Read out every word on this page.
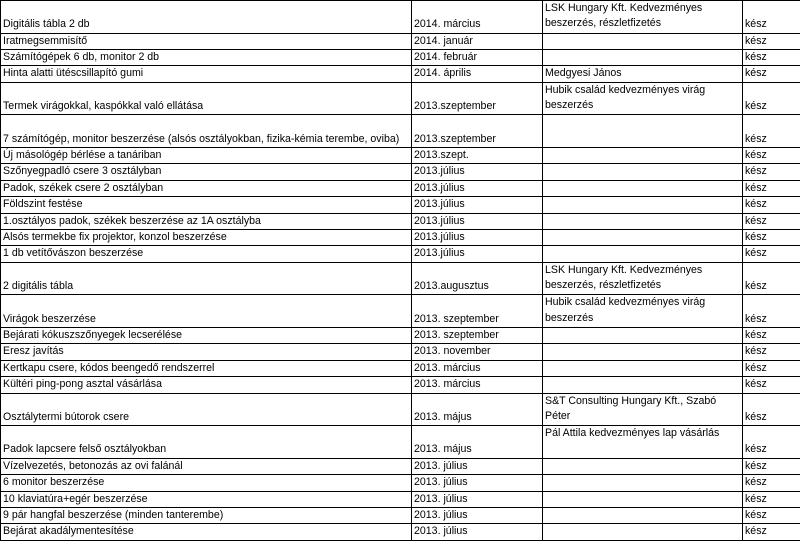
Digitális tábla 2 db	2014. március	LSK Hungary Kft. Kedvezményes beszerzés, részletfizetés	kész
Iratmegsemmisítő	2014. január		kész
Számítógépek 6 db, monitor 2 db	2014. február		kész
Hinta alatti ütéscsillapító gumi	2014. április	Medgyesi János	kész
Termek virágokkal, kaspókkal való ellátása	2013.szeptember	Hubik család kedvezményes virág beszerzés	kész
7 számítógép, monitor beszerzése (alsós osztályokban, fizika-kémia terembe, oviba)	2013.szeptember		kész
Új másológép bérlése a tanáriban	2013.szept.		kész
Szőnyegpadló csere 3 osztályban	2013.július		kész
Padok, székek csere 2 osztályban	2013.július		kész
Földszint festése	2013.július		kész
1.osztályos padok, székek beszerzése az 1A osztályba	2013.július		kész
Alsós termekbe fix projektor, konzol beszerzése	2013.július		kész
1 db vetítővászon beszerzése	2013.július		kész
2 digitális tábla	2013.augusztus	LSK Hungary Kft. Kedvezményes beszerzés, részletfizetés	kész
Virágok beszerzése	2013. szeptember	Hubik család kedvezményes virág beszerzés	kész
Bejárati kókuszszőnyegek lecserélése	2013. szeptember		kész
Eresz javítás	2013. november		kész
Kertkapu csere, kódos beengedő rendszerrel	2013. március		kész
Kültéri ping-pong asztal vásárlása	2013. március		kész
Osztálytermi bútorok csere	2013. május	S&T Consulting Hungary Kft., Szabó Péter	kész
Padok lapcsere felső osztályokban	2013. május	Pál Attila kedvezményes lap vásárlás	kész
Vízelvezetés, betonozás az ovi falánál	2013. július		kész
6 monitor beszerzése	2013. július		kész
10 klaviatúra+egér beszerzése	2013. július		kész
9 pár hangfal beszerzése (minden tanterembe)	2013. július		kész
Bejárat akadálymentesítése	2013. július		kész
